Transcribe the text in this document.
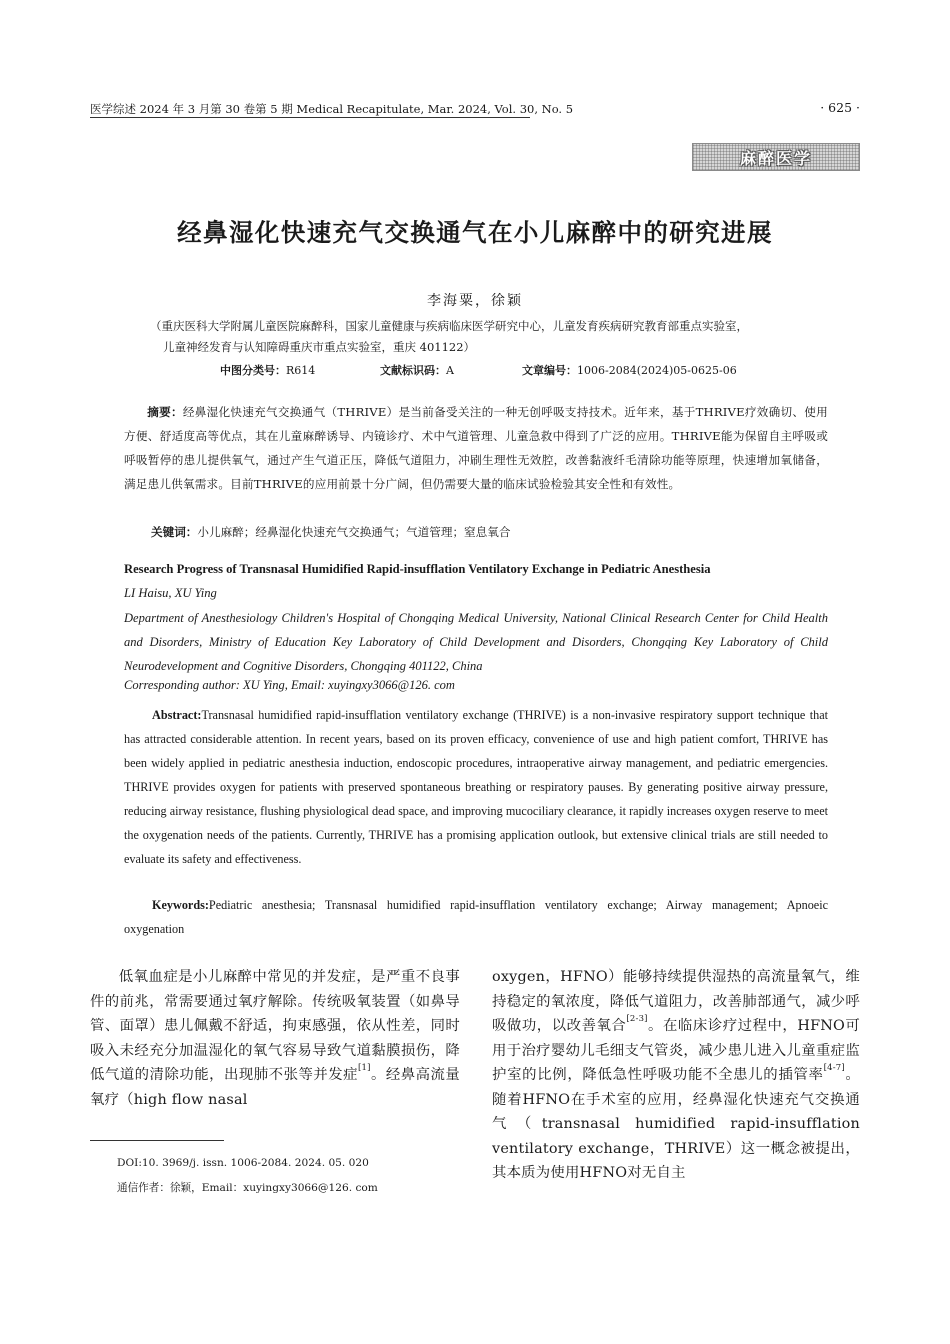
医学综述 2024 年 3 月第 30 卷第 5 期 Medical Recapitulate, Mar. 2024, Vol. 30, No. 5	· 625 ·
麻醉医学
经鼻湿化快速充气交换通气在小儿麻醉中的研究进展
李海粟，徐颖
（重庆医科大学附属儿童医院麻醉科，国家儿童健康与疾病临床医学研究中心，儿童发育疾病研究教育部重点实验室，
儿童神经发育与认知障碍重庆市重点实验室，重庆 401122）
中图分类号：R614	文献标识码：A	文章编号：1006-2084(2024)05-0625-06
摘要：经鼻湿化快速充气交换通气（THRIVE）是当前备受关注的一种无创呼吸支持技术。近年来，基于THRIVE疗效确切、使用方便、舒适度高等优点，其在儿童麻醉诱导、内镜诊疗、术中气道管理、儿童急救中得到了广泛的应用。THRIVE能为保留自主呼吸或呼吸暂停的患儿提供氧气，通过产生气道正压，降低气道阻力，冲刷生理性无效腔，改善黏液纤毛清除功能等原理，快速增加氧储备，满足患儿供氧需求。目前THRIVE的应用前景十分广阔，但仍需要大量的临床试验检验其安全性和有效性。
关键词：小儿麻醉；经鼻湿化快速充气交换通气；气道管理；窒息氧合
Research Progress of Transnasal Humidified Rapid-insufflation Ventilatory Exchange in Pediatric Anesthesia
LI Haisu, XU Ying
Department of Anesthesiology Children's Hospital of Chongqing Medical University, National Clinical Research Center for Child Health and Disorders, Ministry of Education Key Laboratory of Child Development and Disorders, Chongqing Key Laboratory of Child Neurodevelopment and Cognitive Disorders, Chongqing 401122, China
Corresponding author: XU Ying, Email: xuyingxy3066@126. com
Abstract:Transnasal humidified rapid-insufflation ventilatory exchange (THRIVE) is a non-invasive respiratory support technique that has attracted considerable attention. In recent years, based on its proven efficacy, convenience of use and high patient comfort, THRIVE has been widely applied in pediatric anesthesia induction, endoscopic procedures, intraoperative airway management, and pediatric emergencies. THRIVE provides oxygen for patients with preserved spontaneous breathing or respiratory pauses. By generating positive airway pressure, reducing airway resistance, flushing physiological dead space, and improving mucociliary clearance, it rapidly increases oxygen reserve to meet the oxygenation needs of the patients. Currently, THRIVE has a promising application outlook, but extensive clinical trials are still needed to evaluate its safety and effectiveness.
Keywords:Pediatric anesthesia; Transnasal humidified rapid-insufflation ventilatory exchange; Airway management; Apnoeic oxygenation
低氧血症是小儿麻醉中常见的并发症，是严重不良事件的前兆，常需要通过氧疗解除。传统吸氧装置（如鼻导管、面罩）患儿佩戴不舒适，拘束感强，依从性差，同时吸入未经充分加温湿化的氧气容易导致气道黏膜损伤，降低气道的清除功能，出现肺不张等并发症[1]。经鼻高流量氧疗（high flow nasal
oxygen，HFNO）能够持续提供湿热的高流量氧气，维持稳定的氧浓度，降低气道阻力，改善肺部通气，减少呼吸做功，以改善氧合[2-3]。在临床诊疗过程中，HFNO可用于治疗婴幼儿毛细支气管炎，减少患儿进入儿童重症监护室的比例，降低急性呼吸功能不全患儿的插管率[4-7]。随着HFNO在手术室的应用，经鼻湿化快速充气交换通气（transnasal humidified rapid-insufflation ventilatory exchange，THRIVE）这一概念被提出，其本质为使用HFNO对无自主
DOI:10. 3969/j. issn. 1006-2084. 2024. 05. 020
通信作者：徐颖，Email：xuyingxy3066@126. com
